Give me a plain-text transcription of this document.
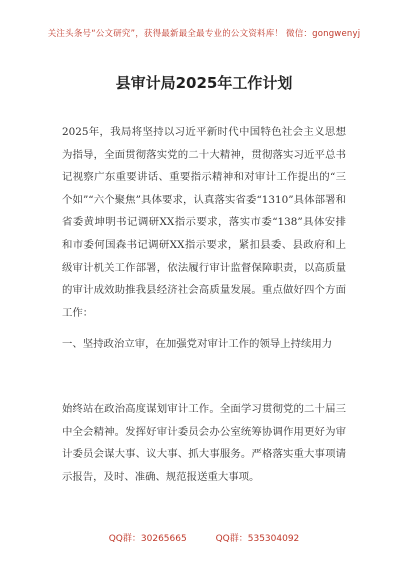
关注头条号“公文研究”，获得最新最全最专业的公文资料库！ 微信：gongwenyj
县审计局2025年工作计划
2025年，我局将坚持以习近平新时代中国特色社会主义思想为指导，全面贯彻落实党的二十大精神，贯彻落实习近平总书记视察广东重要讲话、重要指示精神和对审计工作提出的“三个如”“六个聚焦”具体要求，认真落实省委“1310”具体部署和省委黄坤明书记调研XX指示要求，落实市委“138”具体安排和市委何国森书记调研XX指示要求，紧扣县委、县政府和上级审计机关工作部署，依法履行审计监督保障职责，以高质量的审计成效助推我县经济社会高质量发展。重点做好四个方面工作：
一、坚持政治立审，在加强党对审计工作的领导上持续用力
始终站在政治高度谋划审计工作。全面学习贯彻党的二十届三中全会精神。发挥好审计委员会办公室统筹协调作用更好为审计委员会谋大事、议大事、抓大事服务。严格落实重大事项请示报告，及时、准确、规范报送重大事项。
QQ群：30265665	QQ群：535304092
